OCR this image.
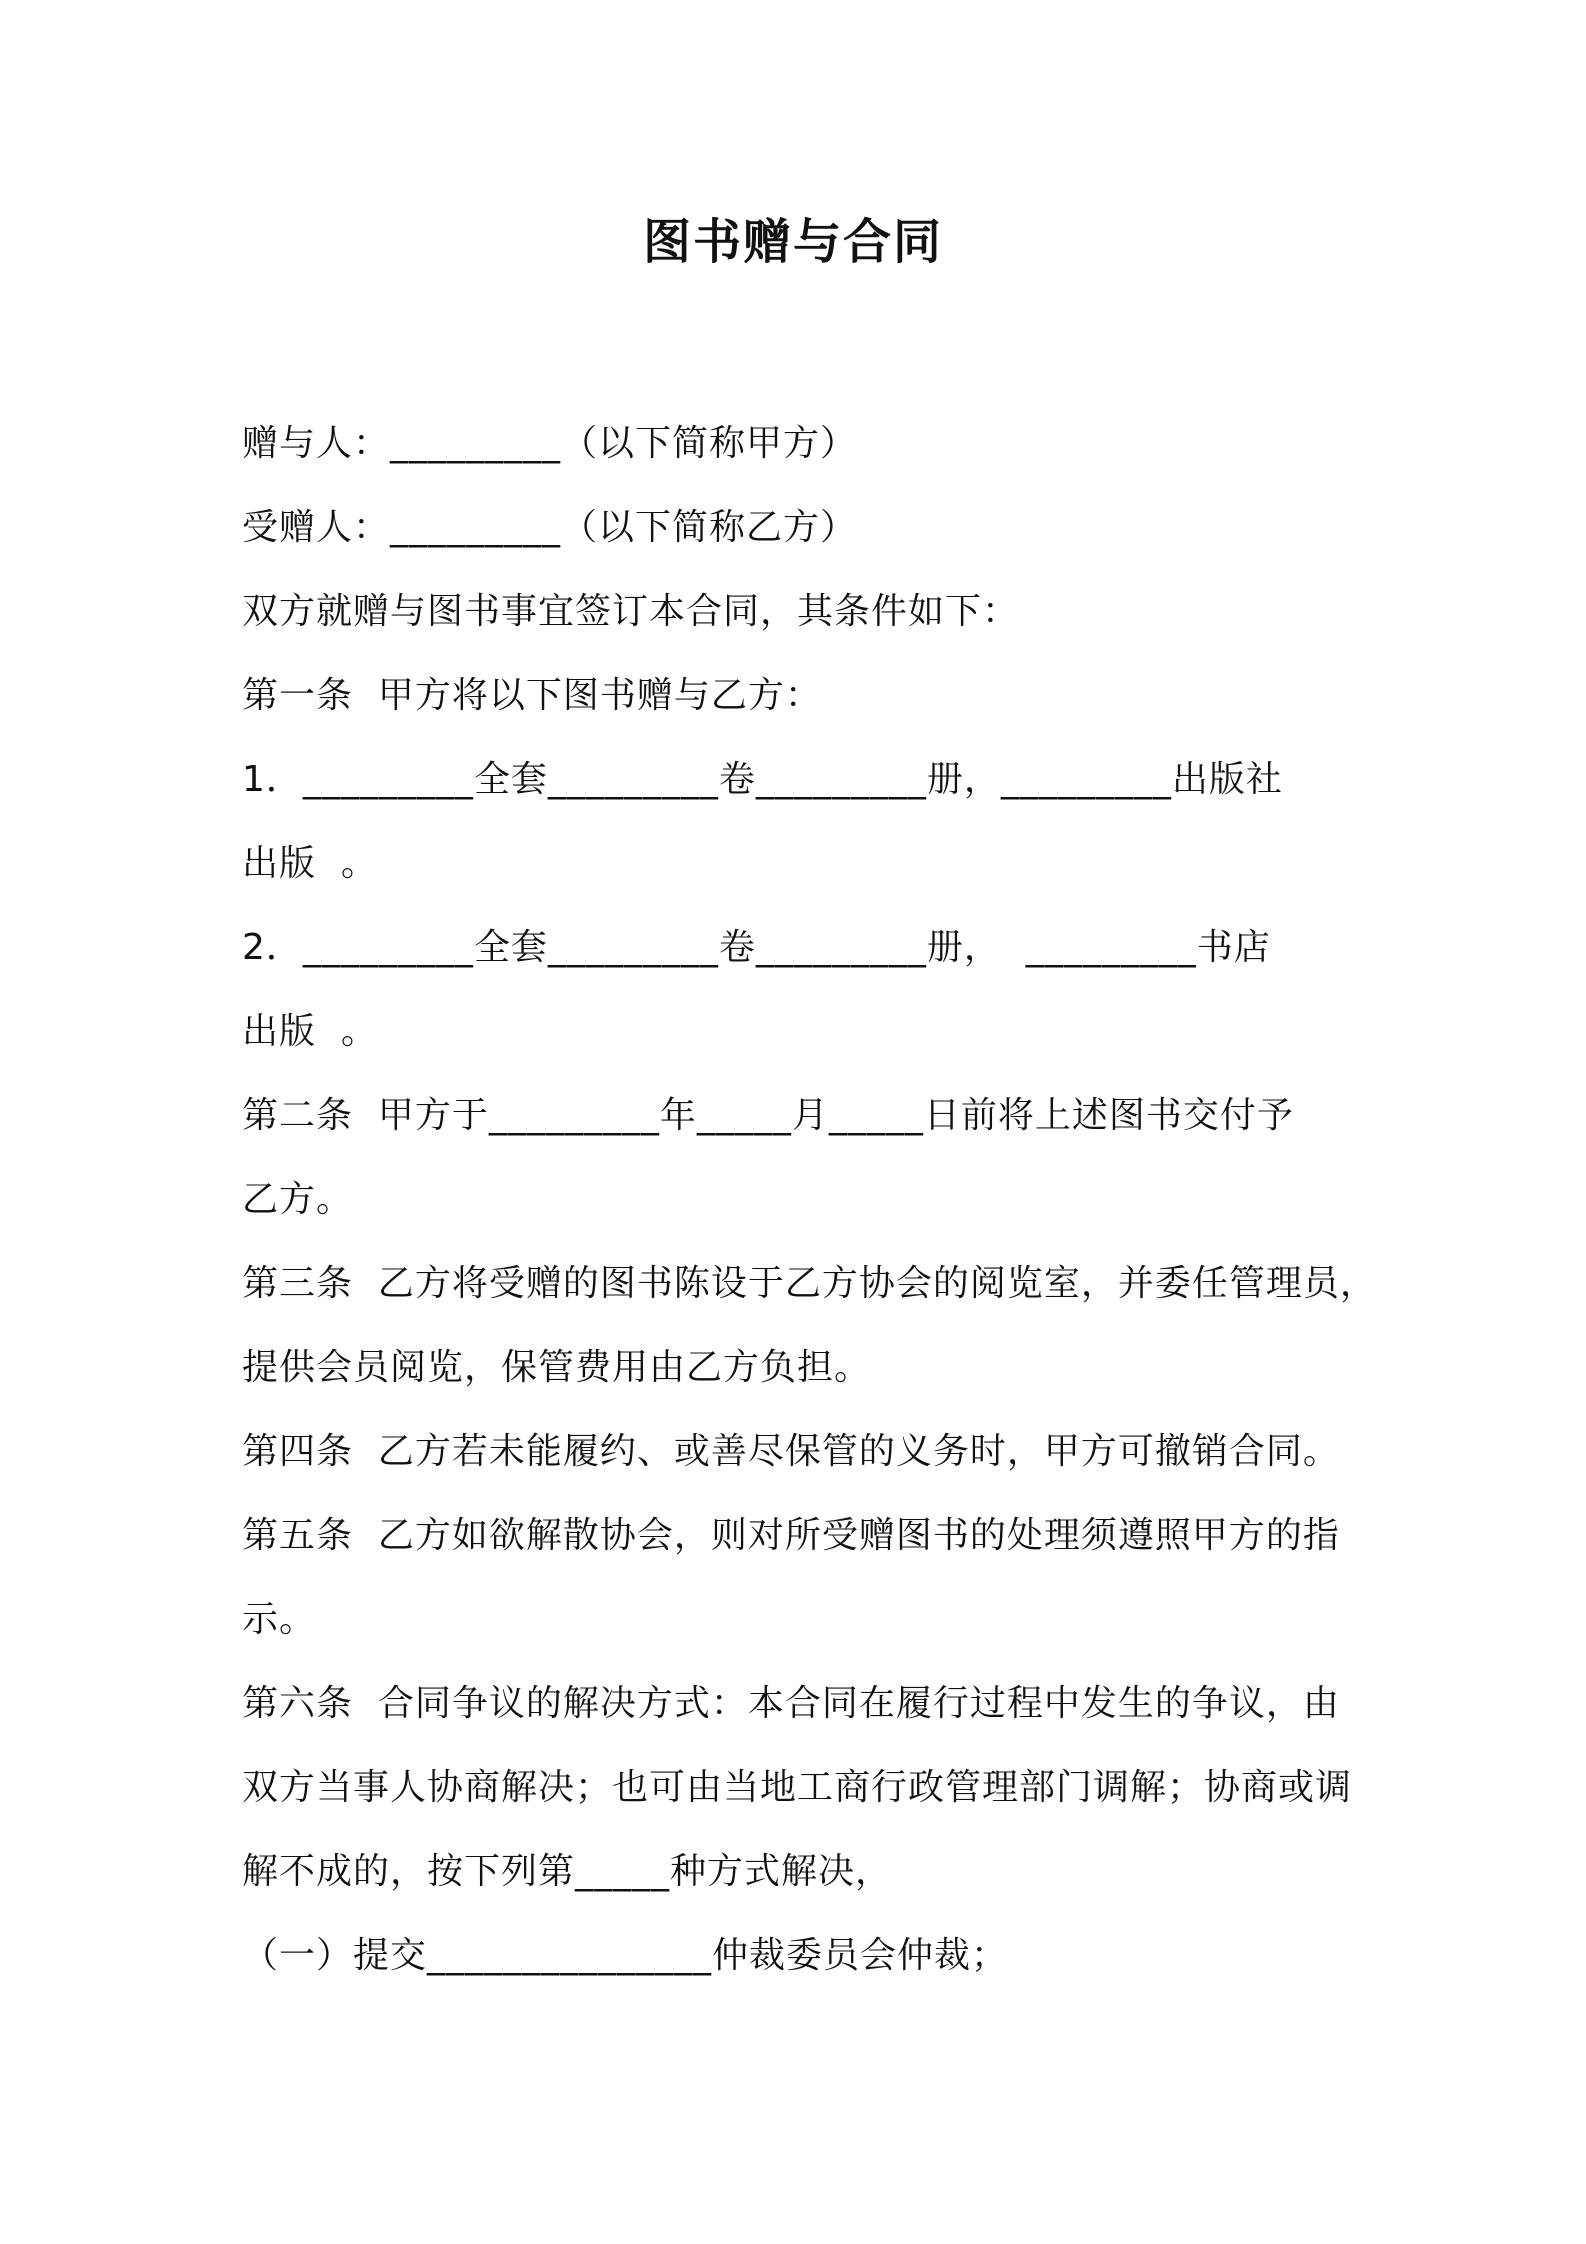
图书赠与合同
赠与人：_________（以下简称甲方）
受赠人：_________（以下简称乙方）
双方就赠与图书事宜签订本合同，其条件如下：
第一条  甲方将以下图书赠与乙方：
1．_________全套_________卷_________册，_________出版社
出版  。
2．_________全套_________卷_________册，  _________书店
出版  。
第二条  甲方于_________年_____月_____日前将上述图书交付予
乙方。
第三条  乙方将受赠的图书陈设于乙方协会的阅览室，并委任管理员，
提供会员阅览，保管费用由乙方负担。
第四条  乙方若未能履约、或善尽保管的义务时，甲方可撤销合同。
第五条  乙方如欲解散协会，则对所受赠图书的处理须遵照甲方的指
示。
第六条  合同争议的解决方式：本合同在履行过程中发生的争议，由
双方当事人协商解决；也可由当地工商行政管理部门调解；协商或调
解不成的，按下列第_____种方式解决，
（一）提交_______________仲裁委员会仲裁；
